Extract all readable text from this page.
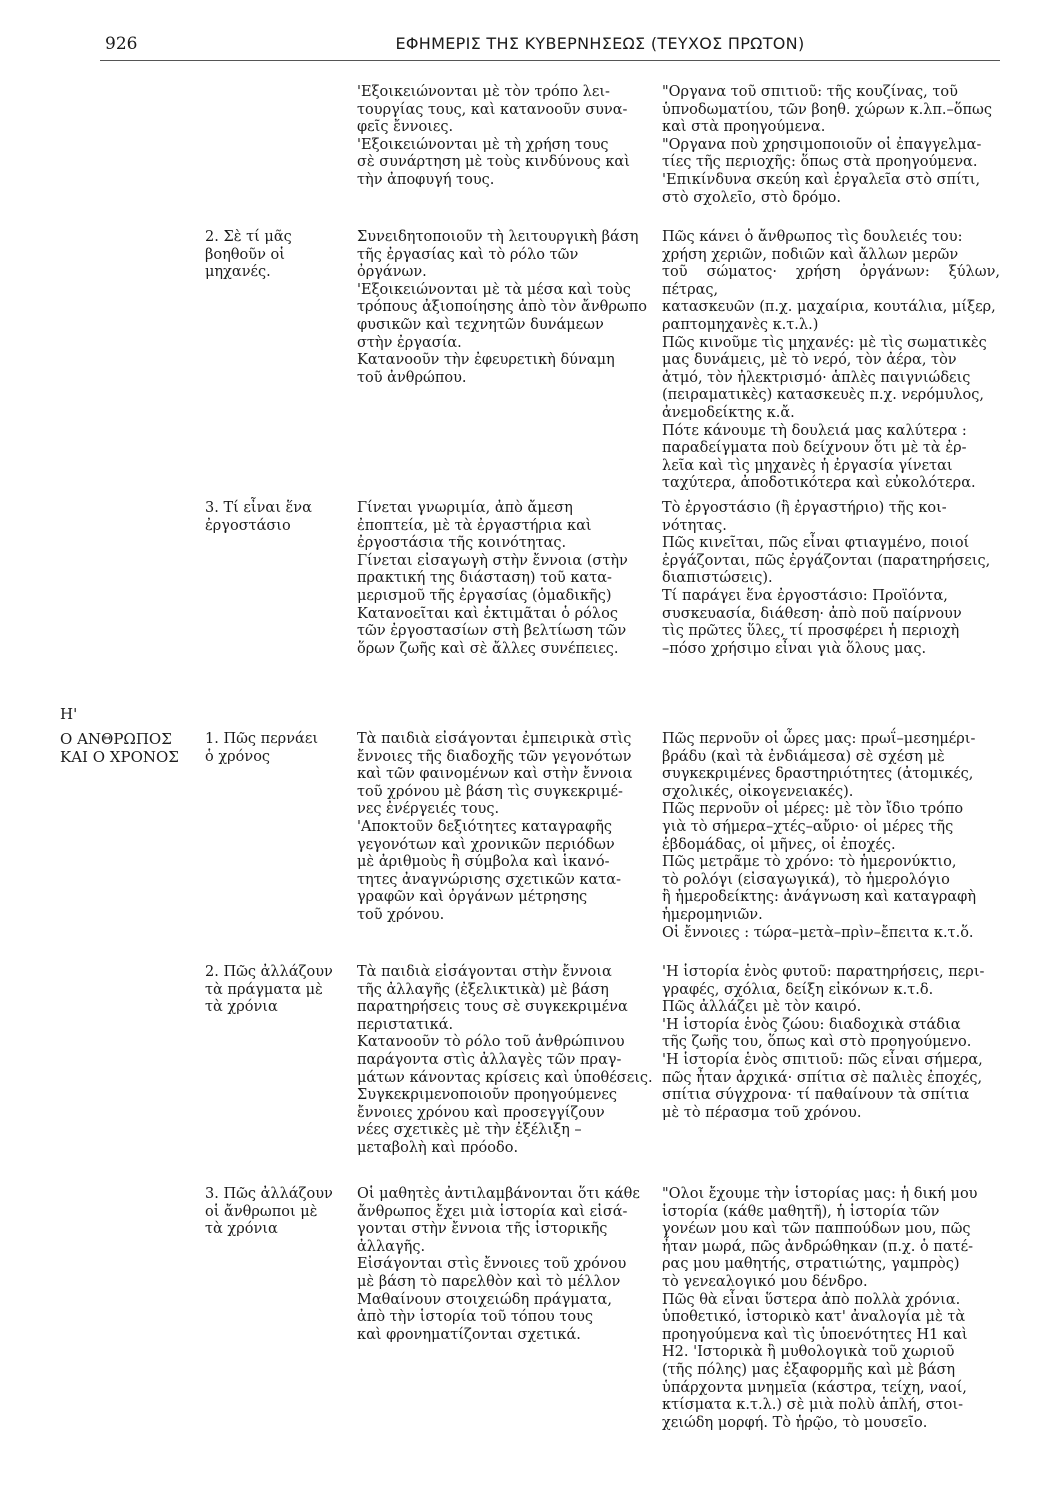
926	ΕΦΗΜΕΡΙΣ ΤΗΣ ΚΥΒΕΡΝΗΣΕΩΣ (ΤΕΥΧΟΣ ΠΡΩΤΟΝ)

Η'

Ο ΑΝΘΡΩΠΟΣ
ΚΑΙ Ο ΧΡΟΝΟΣ

'Εξοικειώνονται μὲ τὸν τρόπο λει-
τουργίας τους, καὶ κατανοοῦν συνα-
φεῖς ἔννοιες.
'Εξοικειώνονται μὲ τὴ χρήση τους
σὲ συνάρτηση μὲ τοὺς κινδύνους καὶ
τὴν ἀποφυγή τους.

"Οργανα τοῦ σπιτιοῦ: τῆς κουζίνας, τοῦ
ὑπνοδωματίου, τῶν βοηθ. χώρων κ.λπ.–ὅπως
καὶ στὰ προηγούμενα.
"Οργανα ποὺ χρησιμοποιοῦν οἱ ἐπαγγελμα-
τίες τῆς περιοχῆς: ὅπως στὰ προηγούμενα.
'Επικίνδυνα σκεύη καὶ ἐργαλεῖα στὸ σπίτι,
στὸ σχολεῖο, στὸ δρόμο.

2. Σὲ τί μᾶς
βοηθοῦν οἱ
μηχανές.

Συνειδητοποιοῦν τὴ λειτουργικὴ βάση
τῆς ἐργασίας καὶ τὸ ρόλο τῶν
ὀργάνων.
'Εξοικειώνονται μὲ τὰ μέσα καὶ τοὺς
τρόπους ἀξιοποίησης ἀπὸ τὸν ἄνθρωπο
φυσικῶν καὶ τεχνητῶν δυνάμεων
στὴν ἐργασία.
Κατανοοῦν τὴν ἐφευρετικὴ δύναμη
τοῦ ἀνθρώπου.

Πῶς κάνει ὁ ἄνθρωπος τὶς δουλειές του:
χρήση χεριῶν, ποδιῶν καὶ ἄλλων μερῶν
τοῦ σώματος· χρήση ὀργάνων: ξύλων, πέτρας,
κατασκευῶν (π.χ. μαχαίρια, κουτάλια, μίξερ,
ραπτομηχανὲς κ.τ.λ.)
Πῶς κινοῦμε τὶς μηχανές: μὲ τὶς σωματικὲς
μας δυνάμεις, μὲ τὸ νερό, τὸν ἀέρα, τὸν
ἀτμό, τὸν ἠλεκτρισμό· ἁπλὲς παιγνιώδεις
(πειραματικὲς) κατασκευὲς π.χ. νερόμυλος,
ἀνεμοδείκτης κ.ἄ.
Πότε κάνουμε τὴ δουλειά μας καλύτερα :
παραδείγματα ποὺ δείχνουν ὅτι μὲ τὰ ἐρ-
λεῖα καὶ τὶς μηχανὲς ἡ ἐργασία γίνεται
ταχύτερα, ἀποδοτικότερα καὶ εὐκολότερα.

3. Τί εἶναι ἕνα
ἐργοστάσιο

Γίνεται γνωριμία, ἀπὸ ἄμεση
ἐποπτεία, μὲ τὰ ἐργαστήρια καὶ
ἐργοστάσια τῆς κοινότητας.
Γίνεται εἰσαγωγὴ στὴν ἔννοια (στὴν
πρακτική της διάσταση) τοῦ κατα-
μερισμοῦ τῆς ἐργασίας (ὁμαδικῆς)
Κατανοεῖται καὶ ἐκτιμᾶται ὁ ρόλος
τῶν ἐργοστασίων στὴ βελτίωση τῶν
ὅρων ζωῆς καὶ σὲ ἄλλες συνέπειες.

Τὸ ἐργοστάσιο (ἢ ἐργαστήριο) τῆς κοι-
νότητας.
Πῶς κινεῖται, πῶς εἶναι φτιαγμένο, ποιοί
ἐργάζονται, πῶς ἐργάζονται (παρατηρήσεις,
διαπιστώσεις).
Τί παράγει ἕνα ἐργοστάσιο: Προϊόντα,
συσκευασία, διάθεση· ἀπὸ ποῦ παίρνουν
τὶς πρῶτες ὕλες, τί προσφέρει ἡ περιοχὴ
–πόσο χρήσιμο εἶναι γιὰ ὅλους μας.

1. Πῶς περνάει
ὁ χρόνος

Τὰ παιδιὰ εἰσάγονται ἐμπειρικὰ στὶς
ἔννοιες τῆς διαδοχῆς τῶν γεγονότων
καὶ τῶν φαινομένων καὶ στὴν ἔννοια
τοῦ χρόνου μὲ βάση τὶς συγκεκριμέ-
νες ἐνέργειές τους.
'Αποκτοῦν δεξιότητες καταγραφῆς
γεγονότων καὶ χρονικῶν περιόδων
μὲ ἀριθμοὺς ἢ σύμβολα καὶ ἱκανό-
τητες ἀναγνώρισης σχετικῶν κατα-
γραφῶν καὶ ὀργάνων μέτρησης
τοῦ χρόνου.

Πῶς περνοῦν οἱ ὧρες μας: πρωΐ–μεσημέρι-
βράδυ (καὶ τὰ ἐνδιάμεσα) σὲ σχέση μὲ
συγκεκριμένες δραστηριότητες (ἀτομικές,
σχολικές, οἰκογενειακές).
Πῶς περνοῦν οἱ μέρες: μὲ τὸν ἴδιο τρόπο
γιὰ τὸ σήμερα–χτές–αὔριο· οἱ μέρες τῆς
ἑβδομάδας, οἱ μῆνες, οἱ ἐποχές.
Πῶς μετρᾶμε τὸ χρόνο: τὸ ἡμερονύκτιο,
τὸ ρολόγι (εἰσαγωγικά), τὸ ἡμερολόγιο
ἢ ἡμεροδείκτης: ἀνάγνωση καὶ καταγραφὴ
ἡμερομηνιῶν.
Οἱ ἔννοιες : τώρα–μετὰ–πρὶν–ἔπειτα κ.τ.ὅ.

2. Πῶς ἀλλάζουν
τὰ πράγματα μὲ
τὰ χρόνια

Τὰ παιδιὰ εἰσάγονται στὴν ἔννοια
τῆς ἀλλαγῆς (ἐξελικτικὰ) μὲ βάση
παρατηρήσεις τους σὲ συγκεκριμένα
περιστατικά.
Κατανοοῦν τὸ ρόλο τοῦ ἀνθρώπινου
παράγοντα στὶς ἀλλαγὲς τῶν πραγ-
μάτων κάνοντας κρίσεις καὶ ὑποθέσεις.
Συγκεκριμενοποιοῦν προηγούμενες
ἔννοιες χρόνου καὶ προσεγγίζουν
νέες σχετικὲς μὲ τὴν ἐξέλιξη –
μεταβολὴ καὶ πρόοδο.

'Η ἱστορία ἑνὸς φυτοῦ: παρατηρήσεις, περι-
γραφές, σχόλια, δείξη εἰκόνων κ.τ.δ.
Πῶς ἀλλάζει μὲ τὸν καιρό.
'Η ἱστορία ἑνὸς ζώου: διαδοχικὰ στάδια
τῆς ζωῆς του, ὅπως καὶ στὸ προηγούμενο.
'Η ἱστορία ἑνὸς σπιτιοῦ: πῶς εἶναι σήμερα,
πῶς ἦταν ἀρχικά· σπίτια σὲ παλιὲς ἐποχές,
σπίτια σύγχρονα· τί παθαίνουν τὰ σπίτια
μὲ τὸ πέρασμα τοῦ χρόνου.

3. Πῶς ἀλλάζουν
οἱ ἄνθρωποι μὲ
τὰ χρόνια

Οἱ μαθητὲς ἀντιλαμβάνονται ὅτι κάθε
ἄνθρωπος ἔχει μιὰ ἱστορία καὶ εἰσά-
γονται στὴν ἔννοια τῆς ἱστορικῆς
ἀλλαγῆς.
Εἰσάγονται στὶς ἔννοιες τοῦ χρόνου
μὲ βάση τὸ παρελθὸν καὶ τὸ μέλλον
Μαθαίνουν στοιχειώδη πράγματα,
ἀπὸ τὴν ἱστορία τοῦ τόπου τους
καὶ φρονηματίζονται σχετικά.

"Ολοι ἔχουμε τὴν ἱστορίας μας: ἡ δική μου
ἱστορία (κάθε μαθητῆ), ἡ ἱστορία τῶν
γονέων μου καὶ τῶν παππούδων μου, πῶς
ἦταν μωρά, πῶς ἀνδρώθηκαν (π.χ. ὁ πατέ-
ρας μου μαθητής, στρατιώτης, γαμπρὸς)
τὸ γενεαλογικό μου δένδρο.
Πῶς θὰ εἶναι ὕστερα ἀπὸ πολλὰ χρόνια.
ὑποθετικό, ἱστορικὸ κατ' ἀναλογία μὲ τὰ
προηγούμενα καὶ τὶς ὑποενότητες Η1 καὶ
Η2. 'Ιστορικὰ ἢ μυθολογικὰ τοῦ χωριοῦ
(τῆς πόλης) μας ἐξαφορμῆς καὶ μὲ βάση
ὑπάρχοντα μνημεῖα (κάστρα, τείχη, ναοί,
κτίσματα κ.τ.λ.) σὲ μιὰ πολὺ ἁπλή, στοι-
χειώδη μορφή. Τὸ ἡρῷο, τὸ μουσεῖο.
